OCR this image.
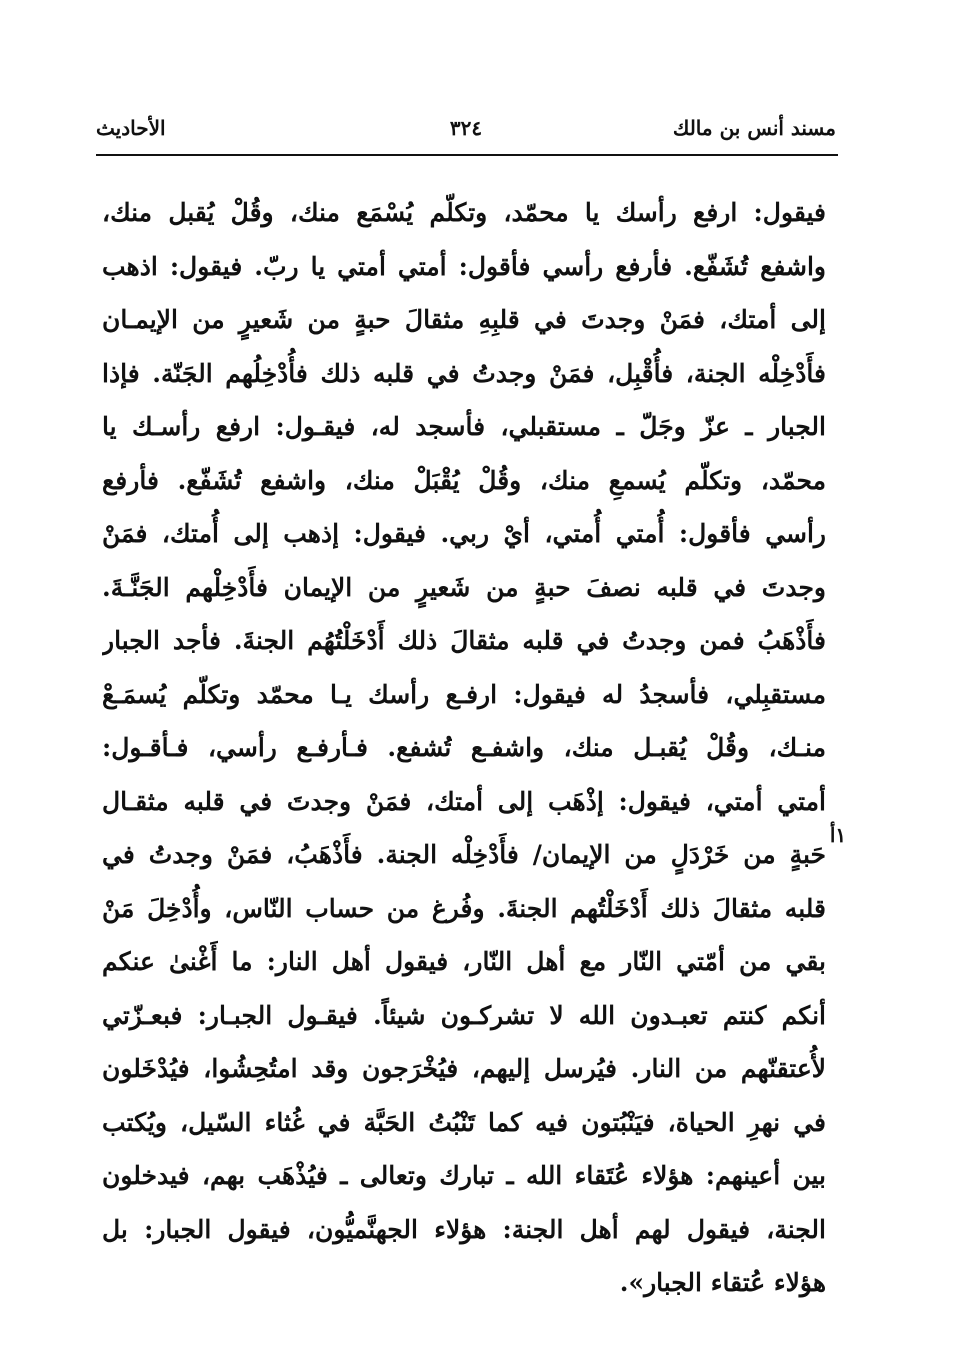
مسند أنس بن مالك
٣٢٤
الأحاديث
فيقول: ارفع رأسك يا محمّد، وتكلّم يُسْمَع منك، وقُلْ يُقبل منك،
واشفع تُشَفّع. فأرفع رأسي فأقول: أمتي أمتي يا ربّ. فيقول: اذهب
إلى أمتك، فمَنْ وجدتَ في قلبِهِ مثقالَ حبةٍ من شَعيرٍ من الإيمـان
فأَدْخِلْه الجنة، فأُقْبِل، فمَنْ وجدتُ في قلبه ذلك فأُدْخِلُهم الجَنّة. فإذا
الجبار ـ عزّ وجَلّ ـ مستقبلي، فأسجد له، فيقـول: ارفع رأسـك يا
محمّد، وتكلّم يُسمعِ منك، وقُلْ يُقْبَلْ منك، واشفع تُشَفّع. فأرفع
رأسي فأقول: أُمتي أُمتي، أيْ ربي. فيقول: إذهب إلى أُمتك، فمَنْ
وجدتَ في قلبه نصفَ حبةٍ من شَعيرٍ من الإيمان فأَدْخِلْهم الجَنَّـةَ.
فأَذْهَبُ فمن وجدتُ في قلبه مثقالَ ذلك أَدْخَلْتُهُم الجنةَ. فأجد الجبار
مستقبِلي، فأسجدُ له فيقول: ارفـع رأسك يـا محمّد وتكلّم يُسمَـعْ
منـك، وقُلْ يُقبـل منك، واشفـع تُشفع. فـأرفـع رأسي، فـأقـول:
أمتي أمتي، فيقول: إذْهَب إلى أمتك، فمَنْ وجدتَ في قلبه مثقـال
حَبةٍ من خَرْدَلٍ من الإيمان/ فأَدْخِلْه الجنة. فأَذْهَبُ، فمَنْ وجدتُ في
قلبه مثقالَ ذلك أَدْخَلْتُهم الجنةَ. وفُرغ من حساب النّاس، وأُدْخِلَ مَنْ
بقي من أمّتي النّار مع أهل النّار، فيقول أهل النار: ما أَغْنىٰ عنكم
أنكم كنتم تعبـدون الله لا تشركـون شيئاً. فيقـول الجبـار: فبعـزّتي
لأُعتقنّهم من النار. فيُرسل إليهم، فيُخْرَجون وقد امتُحِشُوا، فيُدْخَلون
في نهرِ الحياة، فيَنْبُتون فيه كما تَنْبُتُ الحَبَّة في غُثاء السّيل، ويُكتب
بين أعينهم: هؤلاء عُتَقاء الله ـ تبارك وتعالى ـ فيُذْهَب بهم، فيدخلون
الجنة، فيقول لهم أهل الجنة: هؤلاء الجهنَّميُّون، فيقول الجبار: بل
هؤلاء عُتقاء الجبار».
١أ
